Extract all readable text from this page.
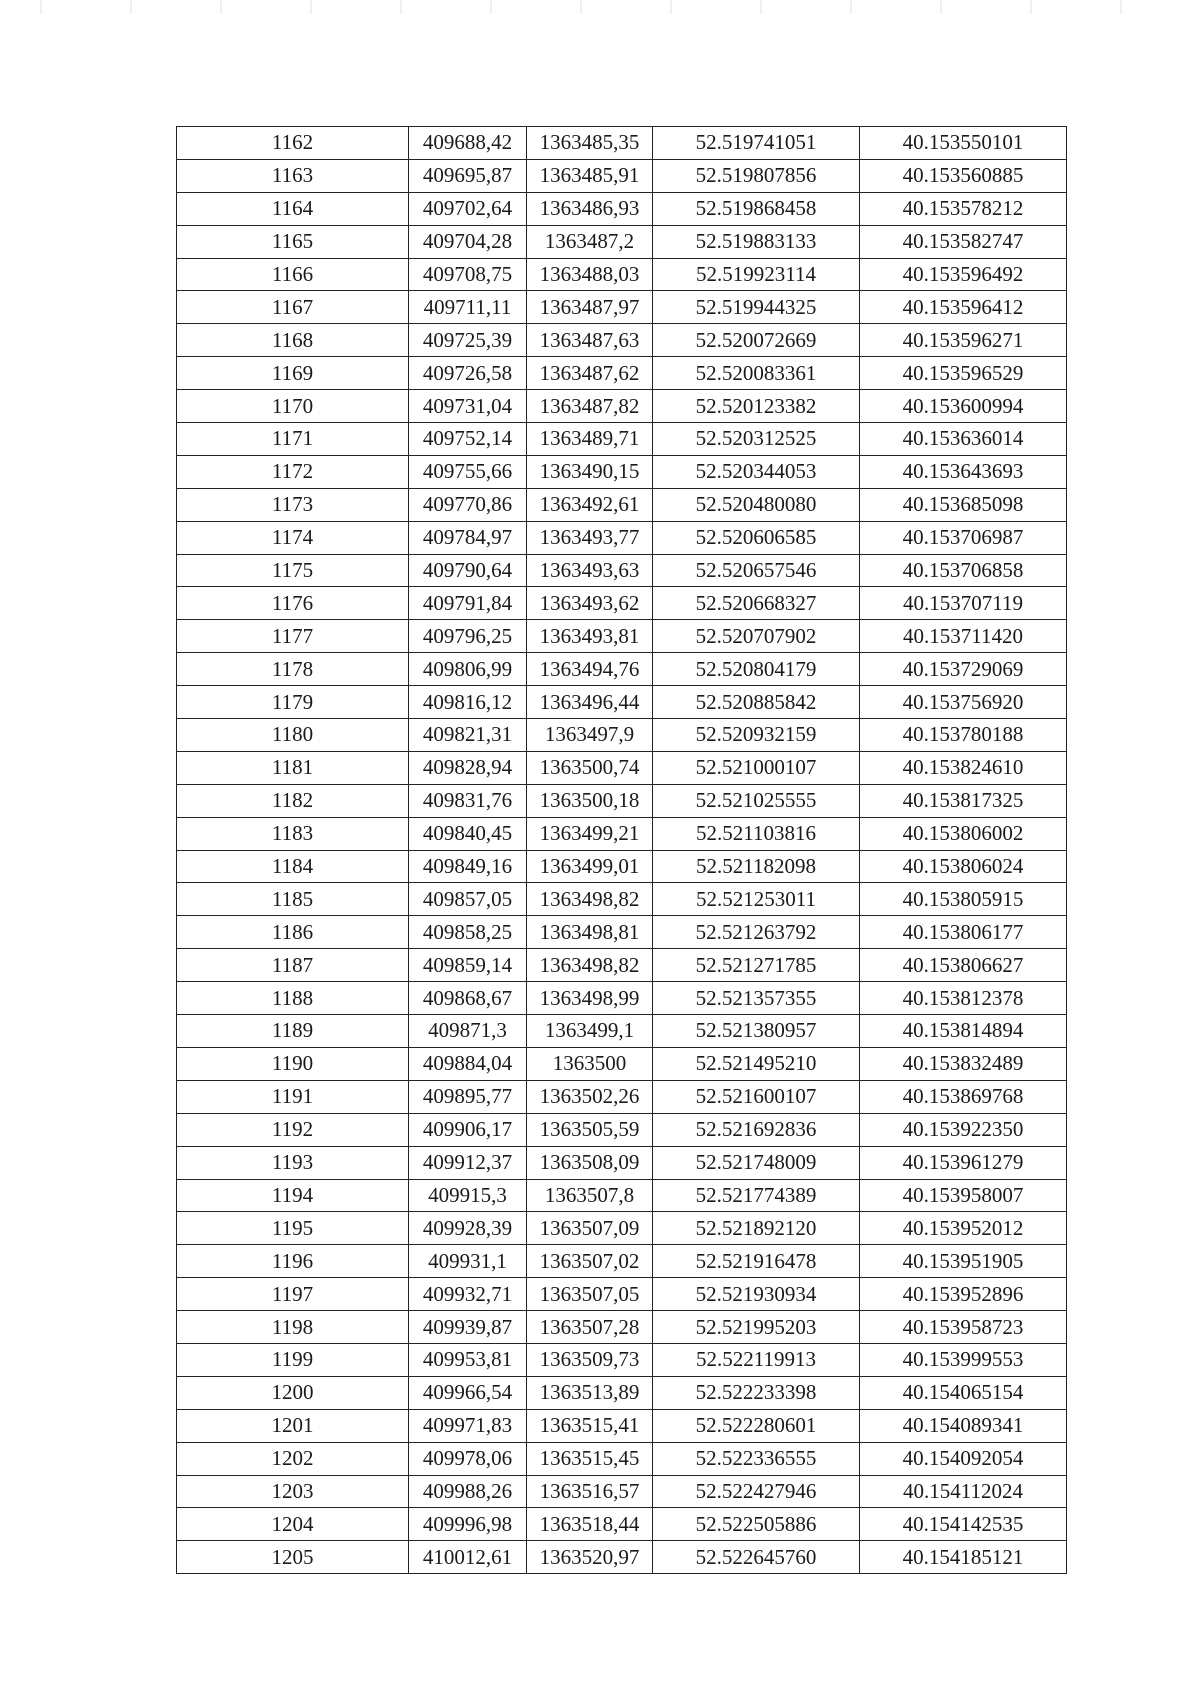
1162	409688,42	1363485,35	52.519741051	40.153550101
1163	409695,87	1363485,91	52.519807856	40.153560885
1164	409702,64	1363486,93	52.519868458	40.153578212
1165	409704,28	1363487,2	52.519883133	40.153582747
1166	409708,75	1363488,03	52.519923114	40.153596492
1167	409711,11	1363487,97	52.519944325	40.153596412
1168	409725,39	1363487,63	52.520072669	40.153596271
1169	409726,58	1363487,62	52.520083361	40.153596529
1170	409731,04	1363487,82	52.520123382	40.153600994
1171	409752,14	1363489,71	52.520312525	40.153636014
1172	409755,66	1363490,15	52.520344053	40.153643693
1173	409770,86	1363492,61	52.520480080	40.153685098
1174	409784,97	1363493,77	52.520606585	40.153706987
1175	409790,64	1363493,63	52.520657546	40.153706858
1176	409791,84	1363493,62	52.520668327	40.153707119
1177	409796,25	1363493,81	52.520707902	40.153711420
1178	409806,99	1363494,76	52.520804179	40.153729069
1179	409816,12	1363496,44	52.520885842	40.153756920
1180	409821,31	1363497,9	52.520932159	40.153780188
1181	409828,94	1363500,74	52.521000107	40.153824610
1182	409831,76	1363500,18	52.521025555	40.153817325
1183	409840,45	1363499,21	52.521103816	40.153806002
1184	409849,16	1363499,01	52.521182098	40.153806024
1185	409857,05	1363498,82	52.521253011	40.153805915
1186	409858,25	1363498,81	52.521263792	40.153806177
1187	409859,14	1363498,82	52.521271785	40.153806627
1188	409868,67	1363498,99	52.521357355	40.153812378
1189	409871,3	1363499,1	52.521380957	40.153814894
1190	409884,04	1363500	52.521495210	40.153832489
1191	409895,77	1363502,26	52.521600107	40.153869768
1192	409906,17	1363505,59	52.521692836	40.153922350
1193	409912,37	1363508,09	52.521748009	40.153961279
1194	409915,3	1363507,8	52.521774389	40.153958007
1195	409928,39	1363507,09	52.521892120	40.153952012
1196	409931,1	1363507,02	52.521916478	40.153951905
1197	409932,71	1363507,05	52.521930934	40.153952896
1198	409939,87	1363507,28	52.521995203	40.153958723
1199	409953,81	1363509,73	52.522119913	40.153999553
1200	409966,54	1363513,89	52.522233398	40.154065154
1201	409971,83	1363515,41	52.522280601	40.154089341
1202	409978,06	1363515,45	52.522336555	40.154092054
1203	409988,26	1363516,57	52.522427946	40.154112024
1204	409996,98	1363518,44	52.522505886	40.154142535
1205	410012,61	1363520,97	52.522645760	40.154185121
